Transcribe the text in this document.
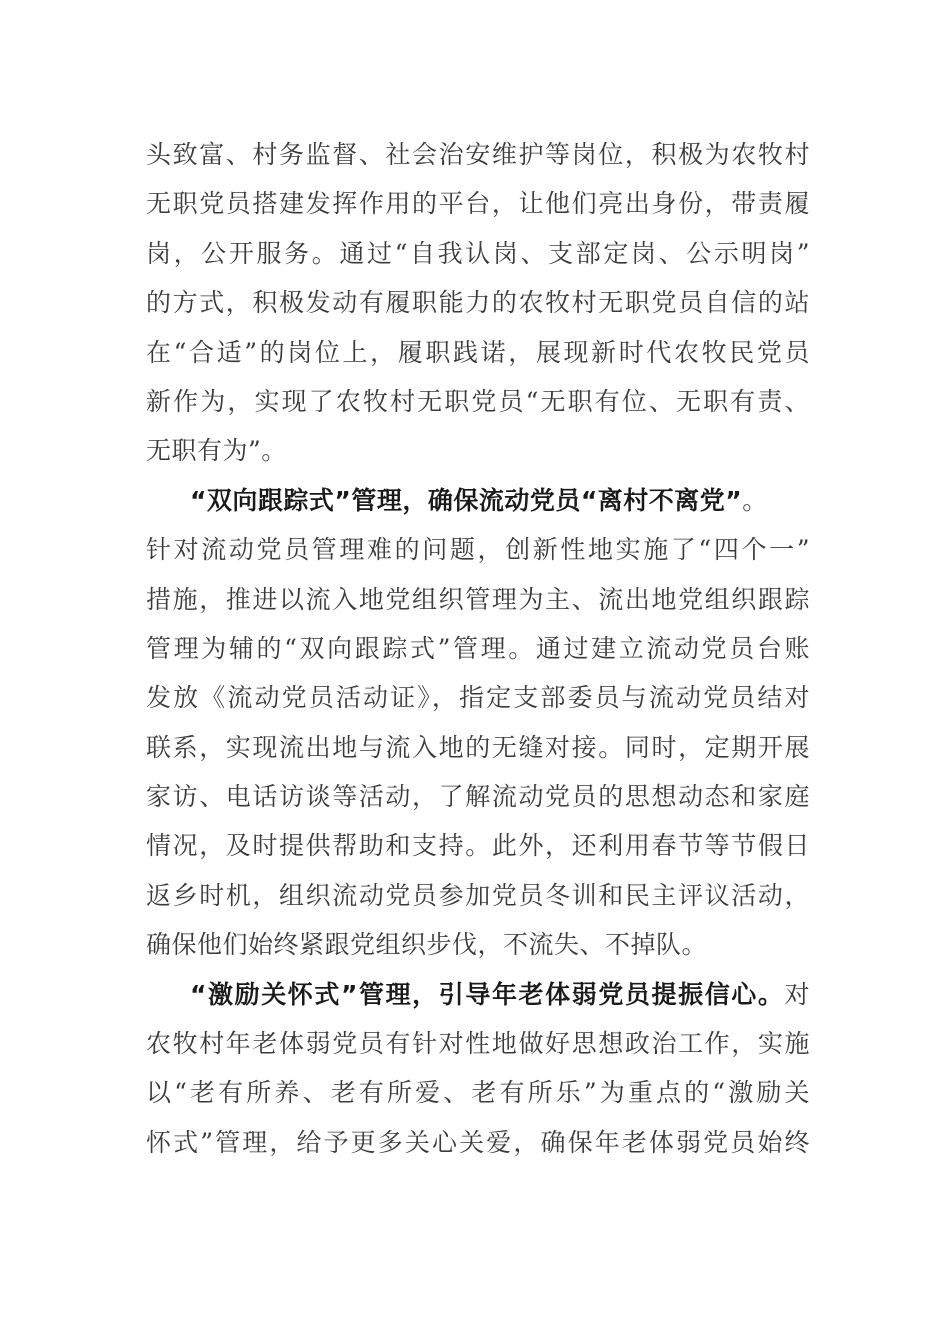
头致富、村务监督、社会治安维护等岗位，积极为农牧村
无职党员搭建发挥作用的平台，让他们亮出身份，带责履
岗，公开服务。通过“自我认岗、支部定岗、公示明岗”
的方式，积极发动有履职能力的农牧村无职党员自信的站
在“合适”的岗位上，履职践诺，展现新时代农牧民党员
新作为，实现了农牧村无职党员“无职有位、无职有责、
无职有为”。
“双向跟踪式”管理，确保流动党员“离村不离党”。
针对流动党员管理难的问题，创新性地实施了“四个一”
措施，推进以流入地党组织管理为主、流出地党组织跟踪
管理为辅的“双向跟踪式”管理。通过建立流动党员台账
发放《流动党员活动证》，指定支部委员与流动党员结对
联系，实现流出地与流入地的无缝对接。同时，定期开展
家访、电话访谈等活动，了解流动党员的思想动态和家庭
情况，及时提供帮助和支持。此外，还利用春节等节假日
返乡时机，组织流动党员参加党员冬训和民主评议活动，
确保他们始终紧跟党组织步伐，不流失、不掉队。
“激励关怀式”管理，引导年老体弱党员提振信心。对
农牧村年老体弱党员有针对性地做好思想政治工作，实施
以“老有所养、老有所爱、老有所乐”为重点的“激励关
怀式”管理，给予更多关心关爱，确保年老体弱党员始终
